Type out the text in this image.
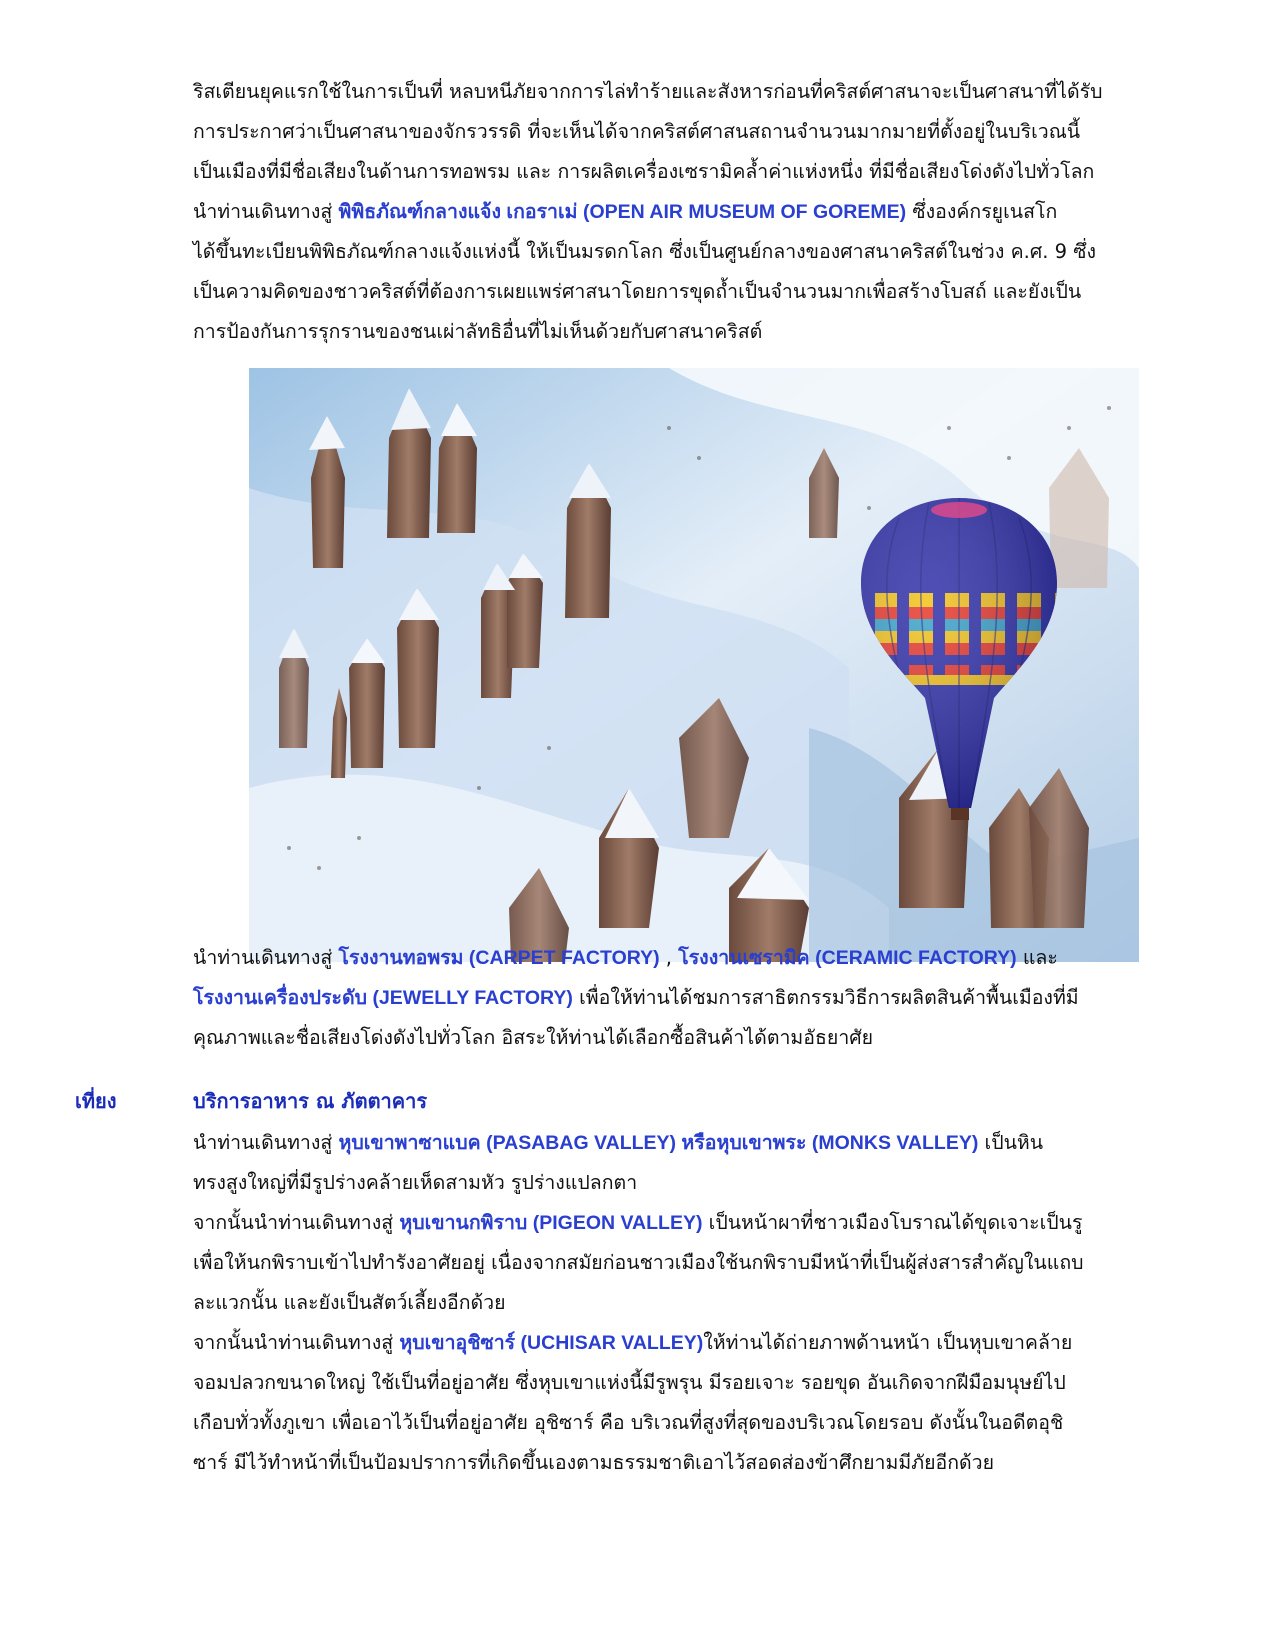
ริสเตียนยุคแรกใช้ในการเป็นที่ หลบหนีภัยจากการไล่ทำร้ายและสังหารก่อนที่คริสต์ศาสนาจะเป็นศาสนาที่ได้รับ
การประกาศว่าเป็นศาสนาของจักรวรรดิ ที่จะเห็นได้จากคริสต์ศาสนสถานจำนวนมากมายที่ตั้งอยู่ในบริเวณนี้
เป็นเมืองที่มีชื่อเสียงในด้านการทอพรม และ การผลิตเครื่องเซรามิคล้ำค่าแห่งหนึ่ง ที่มีชื่อเสียงโด่งดังไปทั่วโลก
นำท่านเดินทางสู่ พิพิธภัณฑ์กลางแจ้ง เกอราเม่ (OPEN AIR MUSEUM OF GOREME) ซึ่งองค์กรยูเนสโก
ได้ขึ้นทะเบียนพิพิธภัณฑ์กลางแจ้งแห่งนี้ ให้เป็นมรดกโลก ซึ่งเป็นศูนย์กลางของศาสนาคริสต์ในช่วง ค.ศ. 9 ซึ่ง
เป็นความคิดของชาวคริสต์ที่ต้องการเผยแพร่ศาสนาโดยการขุดถ้ำเป็นจำนวนมากเพื่อสร้างโบสถ์ และยังเป็น
การป้องกันการรุกรานของชนเผ่าลัทธิอื่นที่ไม่เห็นด้วยกับศาสนาคริสต์
นำท่านเดินทางสู่ โรงงานทอพรม (CARPET FACTORY) , โรงงานเซรามิค (CERAMIC FACTORY) และ
โรงงานเครื่องประดับ (JEWELLY FACTORY) เพื่อให้ท่านได้ชมการสาธิตกรรมวิธีการผลิตสินค้าพื้นเมืองที่มี
คุณภาพและชื่อเสียงโด่งดังไปทั่วโลก อิสระให้ท่านได้เลือกซื้อสินค้าได้ตามอัธยาศัย
เที่ยง	บริการอาหาร ณ ภัตตาคาร
นำท่านเดินทางสู่ หุบเขาพาซาแบค (PASABAG VALLEY) หรือหุบเขาพระ (MONKS VALLEY) เป็นหิน
ทรงสูงใหญ่ที่มีรูปร่างคล้ายเห็ดสามหัว รูปร่างแปลกตา
จากนั้นนำท่านเดินทางสู่ หุบเขานกพิราบ (PIGEON VALLEY) เป็นหน้าผาที่ชาวเมืองโบราณได้ขุดเจาะเป็นรู
เพื่อให้นกพิราบเข้าไปทำรังอาศัยอยู่ เนื่องจากสมัยก่อนชาวเมืองใช้นกพิราบมีหน้าที่เป็นผู้ส่งสารสำคัญในแถบ
ละแวกนั้น และยังเป็นสัตว์เลี้ยงอีกด้วย
จากนั้นนำท่านเดินทางสู่ หุบเขาอุชิซาร์ (UCHISAR VALLEY)ให้ท่านได้ถ่ายภาพด้านหน้า เป็นหุบเขาคล้าย
จอมปลวกขนาดใหญ่ ใช้เป็นที่อยู่อาศัย ซึ่งหุบเขาแห่งนี้มีรูพรุน มีรอยเจาะ รอยขุด อันเกิดจากฝีมือมนุษย์ไป
เกือบทั่วทั้งภูเขา เพื่อเอาไว้เป็นที่อยู่อาศัย อุชิซาร์ คือ บริเวณที่สูงที่สุดของบริเวณโดยรอบ ดังนั้นในอดีตอุชิ
ซาร์ มีไว้ทำหน้าที่เป็นป้อมปราการที่เกิดขึ้นเองตามธรรมชาติเอาไว้สอดส่องข้าศึกยามมีภัยอีกด้วย
